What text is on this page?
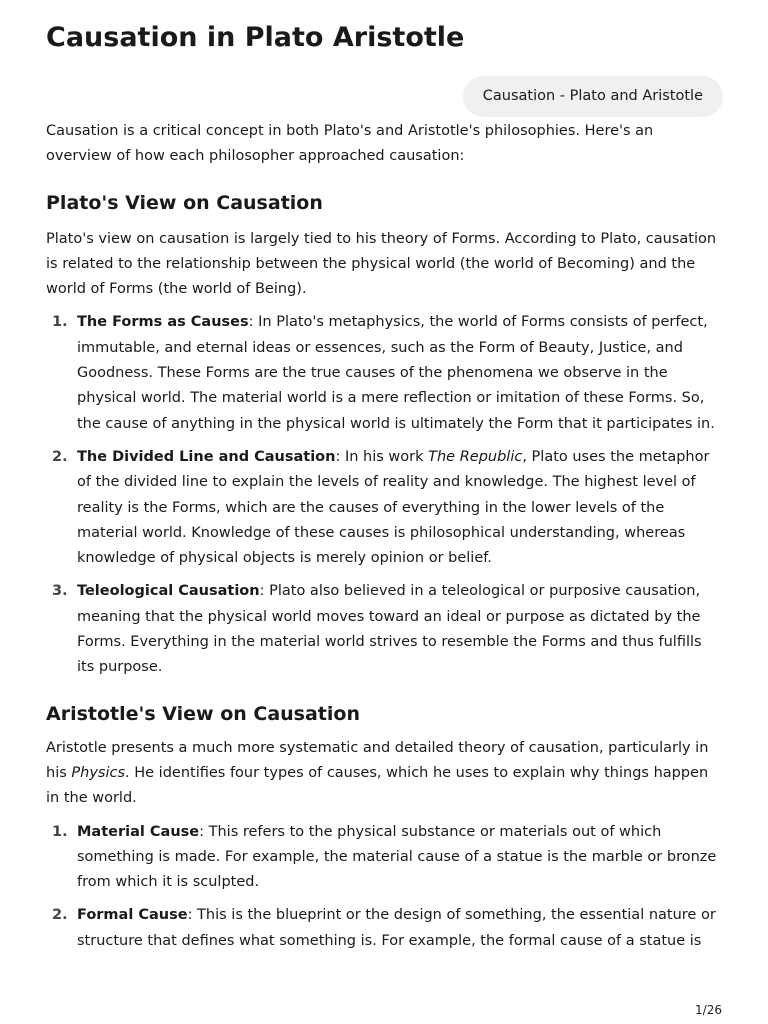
Causation in Plato Aristotle
Causation - Plato and Aristotle

Causation is a critical concept in both Plato's and Aristotle's philosophies. Here's an overview of how each philosopher approached causation:

Plato's View on Causation

Plato's view on causation is largely tied to his theory of Forms. According to Plato, causation is related to the relationship between the physical world (the world of Becoming) and the world of Forms (the world of Being).

1. The Forms as Causes: In Plato's metaphysics, the world of Forms consists of perfect, immutable, and eternal ideas or essences, such as the Form of Beauty, Justice, and Goodness. These Forms are the true causes of the phenomena we observe in the physical world. The material world is a mere reflection or imitation of these Forms. So, the cause of anything in the physical world is ultimately the Form that it participates in.
2. The Divided Line and Causation: In his work The Republic, Plato uses the metaphor of the divided line to explain the levels of reality and knowledge. The highest level of reality is the Forms, which are the causes of everything in the lower levels of the material world. Knowledge of these causes is philosophical understanding, whereas knowledge of physical objects is merely opinion or belief.
3. Teleological Causation: Plato also believed in a teleological or purposive causation, meaning that the physical world moves toward an ideal or purpose as dictated by the Forms. Everything in the material world strives to resemble the Forms and thus fulfills its purpose.
Aristotle's View on Causation

Aristotle presents a much more systematic and detailed theory of causation, particularly in his Physics. He identifies four types of causes, which he uses to explain why things happen in the world.

1. Material Cause: This refers to the physical substance or materials out of which something is made. For example, the material cause of a statue is the marble or bronze from which it is sculpted.
2. Formal Cause: This is the blueprint or the design of something, the essential nature or structure that defines what something is. For example, the formal cause of a statue is
1/26
